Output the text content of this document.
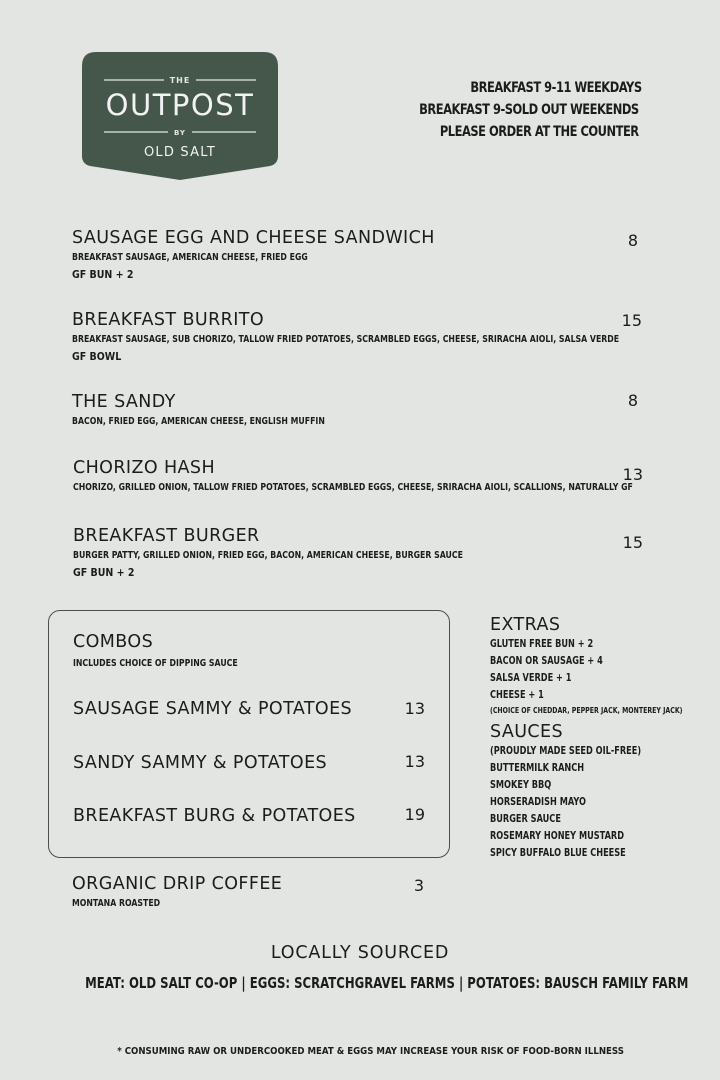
THE
OUTPOST
BY
OLD SALT
BREAKFAST 9-11 WEEKDAYS
BREAKFAST 9-SOLD OUT WEEKENDS
PLEASE ORDER AT THE COUNTER
SAUSAGE EGG AND CHEESE SANDWICH
BREAKFAST SAUSAGE, AMERICAN CHEESE, FRIED EGG
GF BUN + 2
8
BREAKFAST BURRITO
BREAKFAST SAUSAGE, SUB CHORIZO, TALLOW FRIED POTATOES, SCRAMBLED EGGS, CHEESE, SRIRACHA AIOLI, SALSA VERDE
GF BOWL
15
THE SANDY
BACON, FRIED EGG, AMERICAN CHEESE, ENGLISH MUFFIN
8
CHORIZO HASH
CHORIZO, GRILLED ONION, TALLOW FRIED POTATOES, SCRAMBLED EGGS, CHEESE, SRIRACHA AIOLI, SCALLIONS, NATURALLY GF
13
BREAKFAST BURGER
BURGER PATTY, GRILLED ONION, FRIED EGG, BACON, AMERICAN CHEESE, BURGER SAUCE
GF BUN + 2
15
COMBOS
INCLUDES CHOICE OF DIPPING SAUCE
SAUSAGE SAMMY & POTATOES	13
SANDY SAMMY & POTATOES	13
BREAKFAST BURG & POTATOES	19
EXTRAS
GLUTEN FREE BUN + 2
BACON OR SAUSAGE + 4
SALSA VERDE + 1
CHEESE + 1
(CHOICE OF CHEDDAR, PEPPER JACK, MONTEREY JACK)
SAUCES
(PROUDLY MADE SEED OIL-FREE)
BUTTERMILK RANCH
SMOKEY BBQ
HORSERADISH MAYO
BURGER SAUCE
ROSEMARY HONEY MUSTARD
SPICY BUFFALO BLUE CHEESE
ORGANIC DRIP COFFEE
MONTANA ROASTED
3
LOCALLY SOURCED
MEAT: OLD SALT CO-OP | EGGS: SCRATCHGRAVEL FARMS | POTATOES: BAUSCH FAMILY FARM
* CONSUMING RAW OR UNDERCOOKED MEAT & EGGS MAY INCREASE YOUR RISK OF FOOD-BORN ILLNESS
